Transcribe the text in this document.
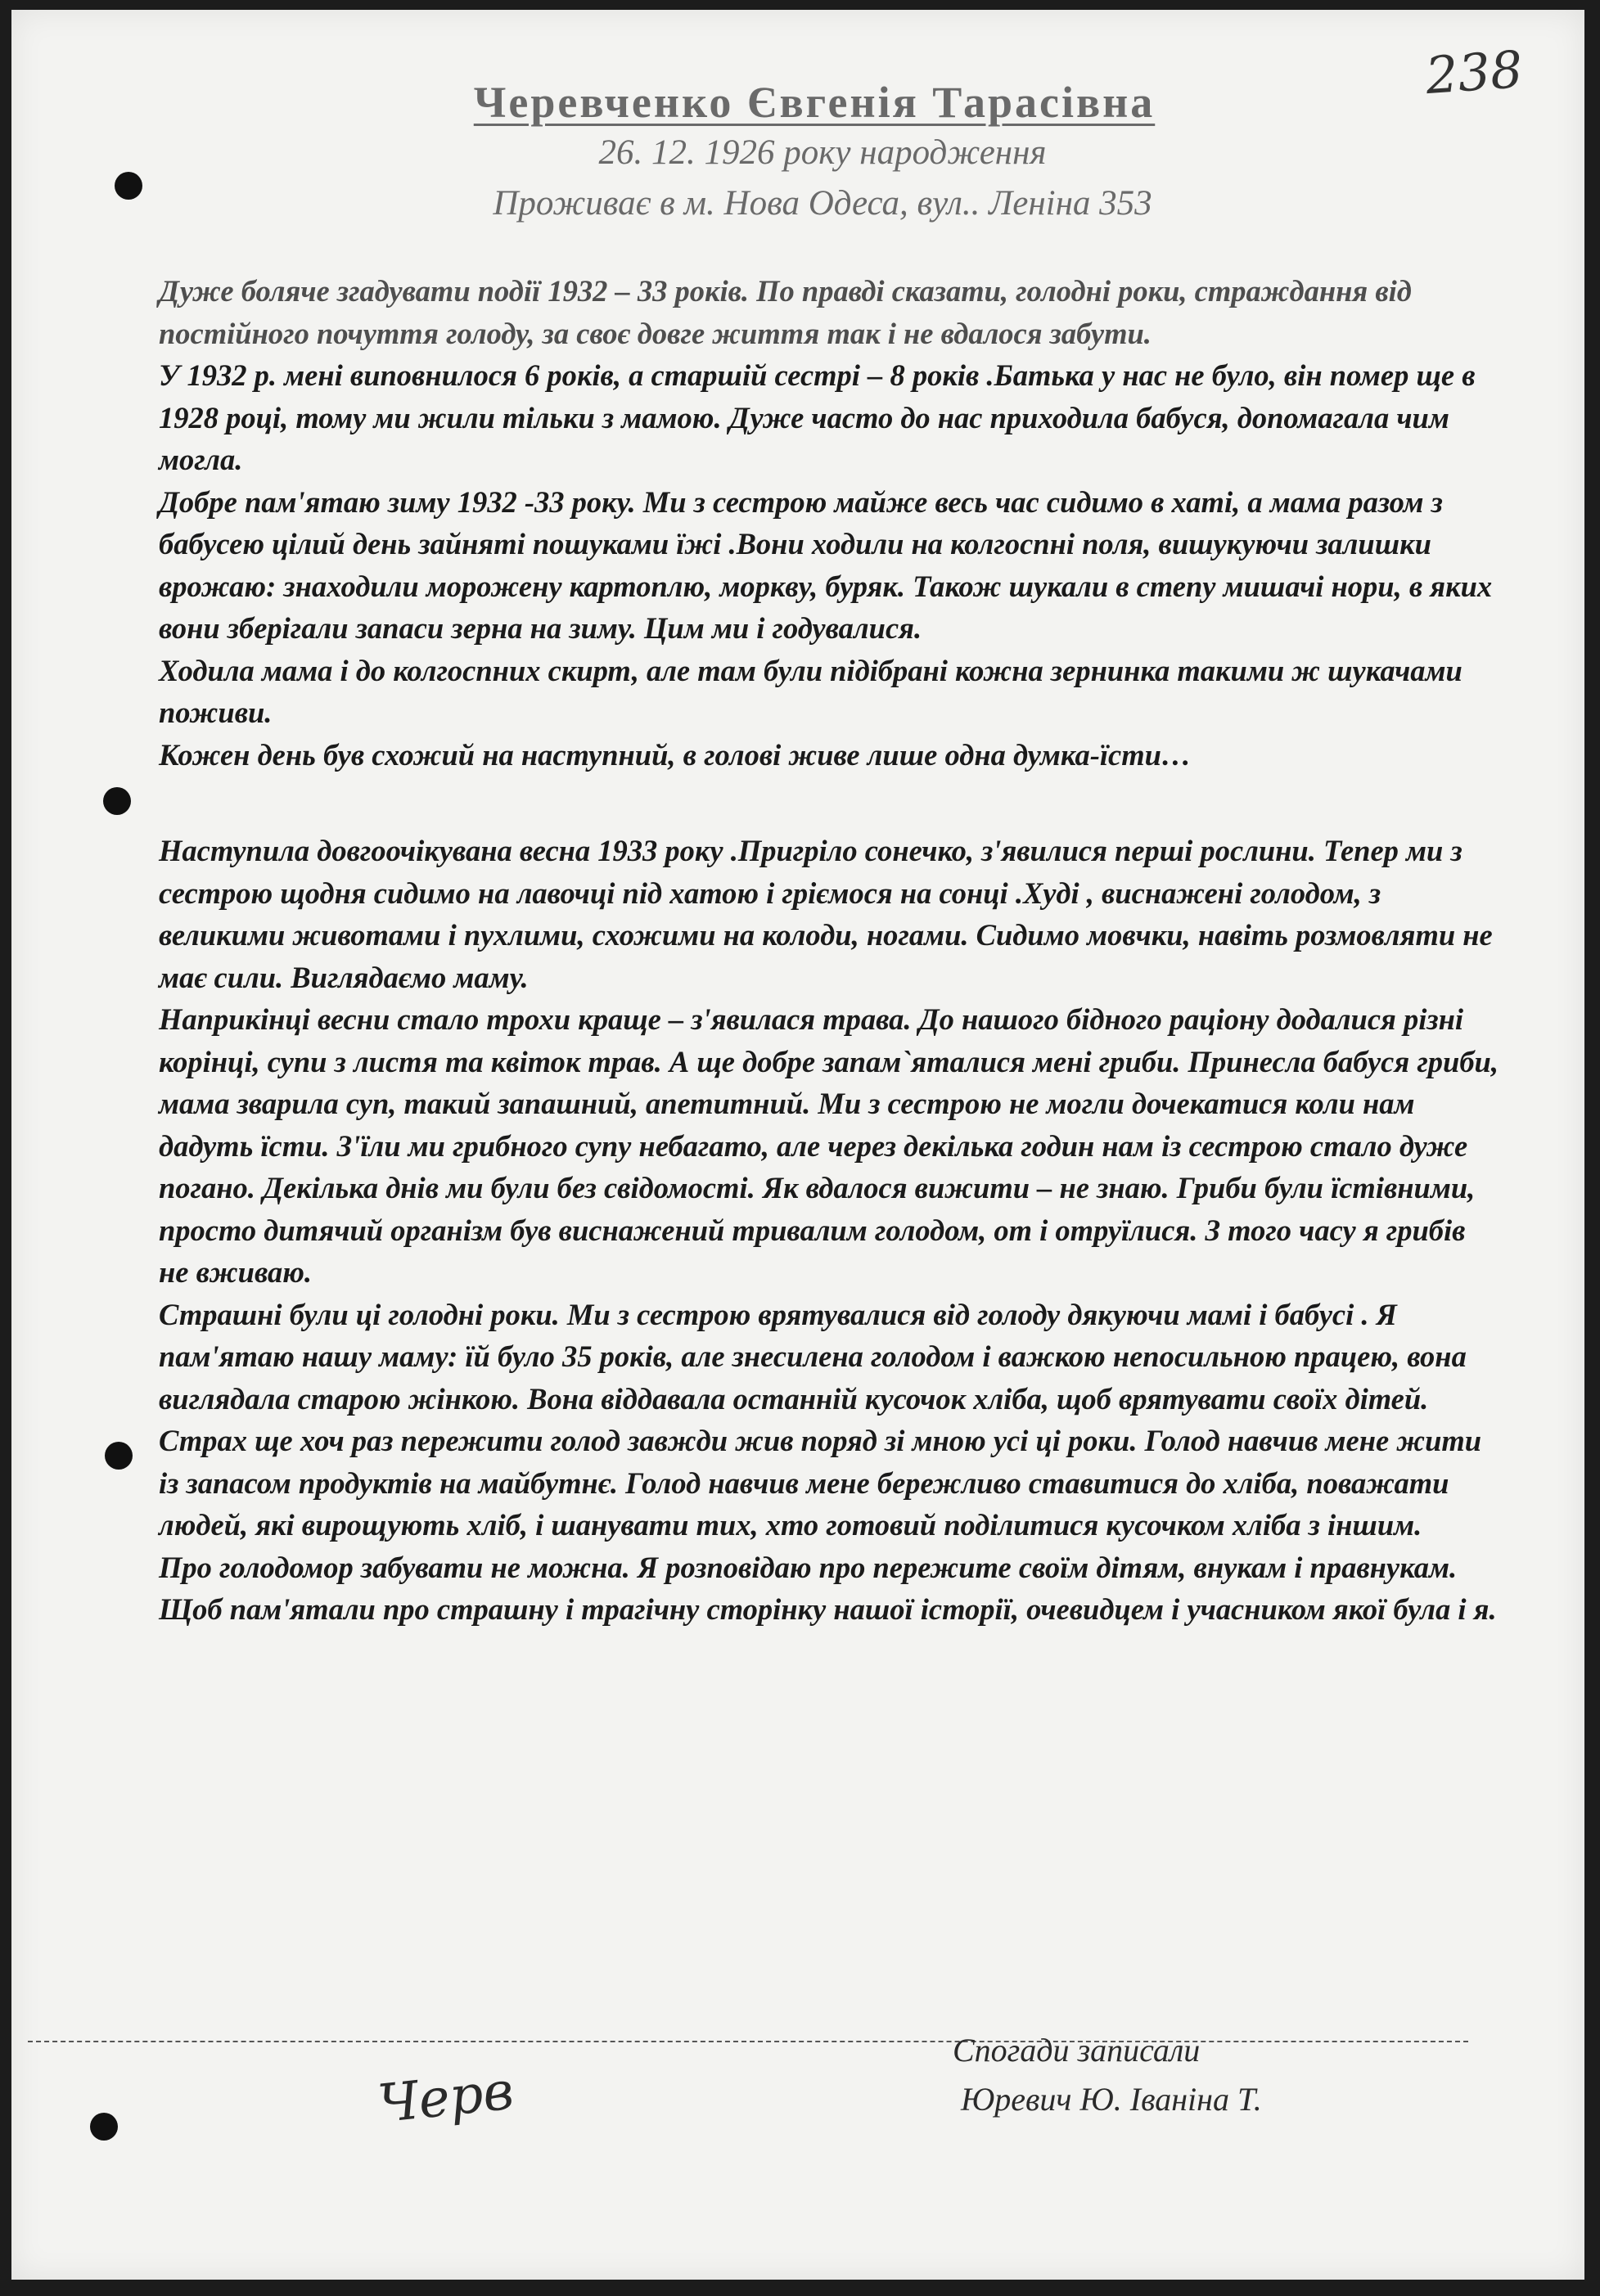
238
Черевченко Євгенія Тарасівна
26. 12. 1926 року народження
Проживає в м. Нова Одеса, вул.. Леніна 353

Дуже боляче згадувати події 1932 – 33 років. По правді сказати, голодні роки, страждання від постійного почуття голоду, за своє довге життя так і не вдалося забути.

У 1932 р. мені виповнилося 6 років, а старшій сестрі – 8 років .Батька у нас не було, він помер ще в 1928 році, тому ми жили тільки з мамою. Дуже часто до нас приходила бабуся, допомагала чим могла.

Добре пам'ятаю зиму 1932 -33 року. Ми з сестрою майже весь час сидимо в хаті, а мама разом з бабусею цілий день зайняті пошуками їжі .Вони ходили на колгоспні поля, вишукуючи залишки врожаю: знаходили морожену картоплю, моркву, буряк. Також шукали в степу мишачі нори, в яких вони зберігали запаси зерна на зиму. Цим ми і годувалися.

Ходила мама і до колгоспних скирт, але там були підібрані кожна зернинка такими ж шукачами поживи.

Кожен день був схожий на наступний, в голові живе лише одна думка-їсти…

Наступила довгоочікувана весна 1933 року .Пригріло сонечко, з'явилися перші рослини. Тепер ми з сестрою щодня сидимо на лавочці під хатою і грiємося на сонці .Худі , виснажені голодом, з великими животами і пухлими, схожими на колоди, ногами. Сидимо мовчки, навіть розмовляти не має сили. Виглядаємо маму.

Наприкінці весни стало трохи краще – з'явилася трава. До нашого бідного раціону додалися різні корінці, супи з листя та квіток трав. А ще добре запам`яталися мені гриби. Принесла бабуся гриби, мама зварила суп, такий запашний, апетитний. Ми з сестрою не могли дочекатися коли нам дадуть їсти. З'їли ми грибного супу небагато, але через декілька годин нам із сестрою стало дуже погано. Декілька днів ми були без свідомості. Як вдалося вижити – не знаю. Гриби були їстівними, просто дитячий організм був виснажений тривалим голодом, от і отруїлися. З того часу я грибів не вживаю.

Страшні були ці голодні роки. Ми з сестрою врятувалися від голоду дякуючи мамі і бабусі . Я пам'ятаю нашу маму: їй було 35 років, але знесилена голодом і важкою непосильною працею, вона виглядала старою жінкою. Вона віддавала останній кусочок хліба, щоб врятувати своїх дітей.

Страх ще хоч раз пережити голод завжди жив поряд зі мною усі ці роки. Голод навчив мене жити із запасом продуктів на майбутнє. Голод навчив мене бережливо ставитися до хліба, поважати людей, які вирощують хліб, і шанувати тих, хто готовий поділитися кусочком хліба з іншим.

Про голодомор забувати не можна. Я розповідаю про пережите своїм дітям, внукам і правнукам. Щоб пам'ятали про страшну і трагічну сторінку нашої історії, очевидцем і учасником якої була і я.

Черв
Спогади записали
Юревич Ю. Іваніна Т.
